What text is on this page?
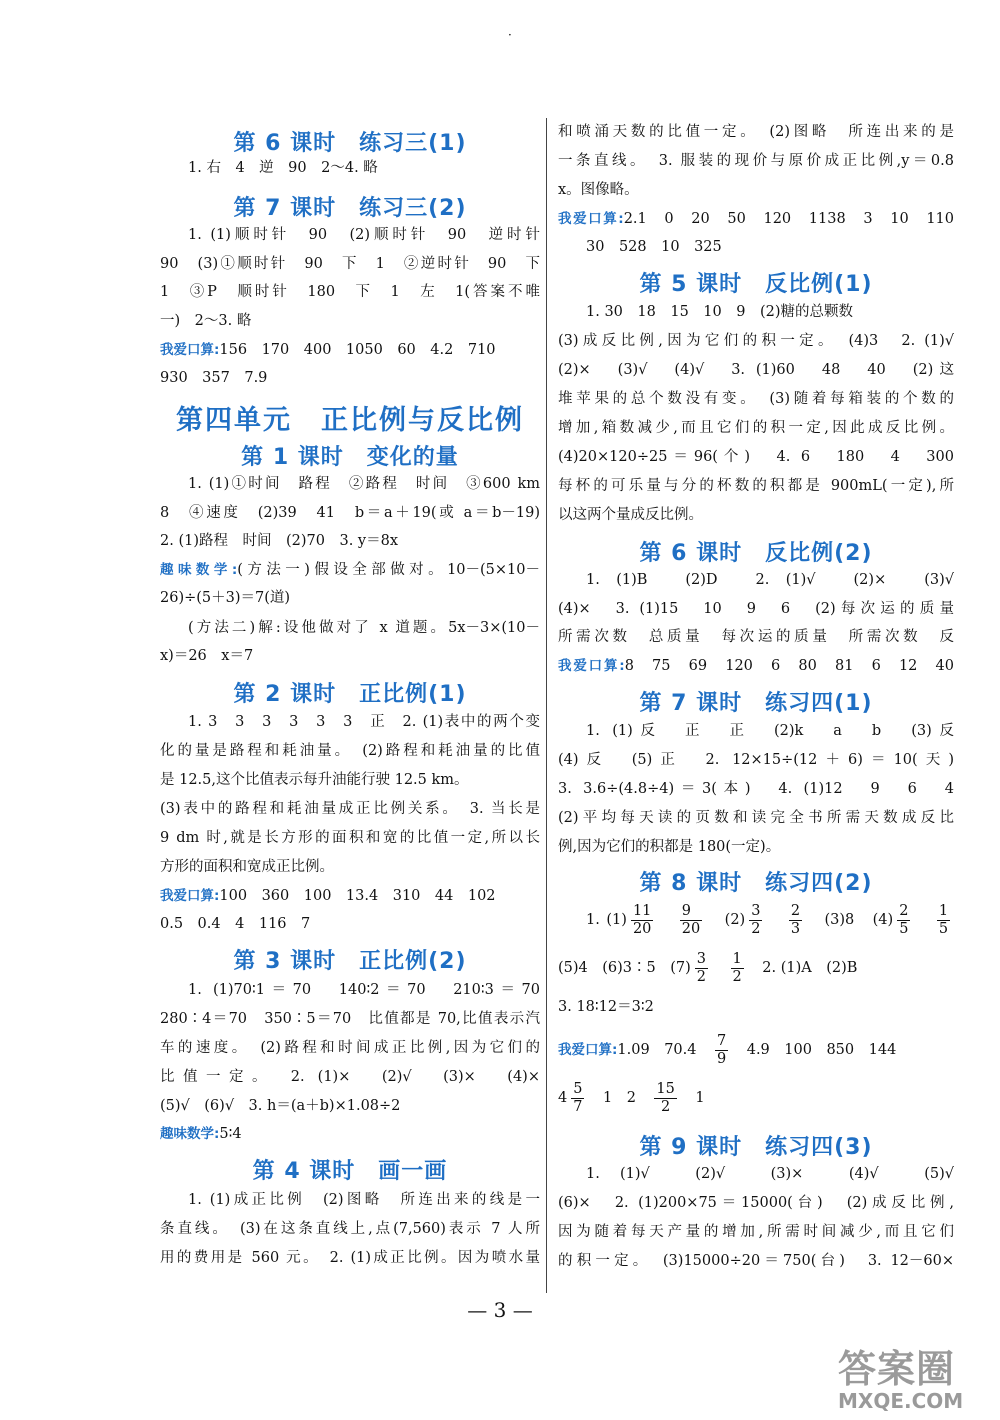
·
第 6 课时　练习三(1)
1. 右　4　逆　90　2～4. 略
第 7 课时　练习三(2)
1. (1)顺时针　90　(2)顺时针　90　逆时针
90　(3)①顺时针　90　下　1　②逆时针　90　下
1　③P　顺时针　180　下　1　左　1(答案不唯
一)　2～3. 略
我爱口算:156　170　400　1050　60　4.2　710
930　357　7.9
第四单元　正比例与反比例
第 1 课时　变化的量
1. (1)①时间　路程　②路程　时间　③600 km
8　④速度　(2)39　41　b＝a＋19(或 a＝b－19)
2. (1)路程　时间　(2)70　3. y＝8x
趣味数学:(方法一)假设全部做对。10－(5×10－
26)÷(5＋3)＝7(道)
(方法二)解:设他做对了 x 道题。5x－3×(10－
x)＝26　x＝7
第 2 课时　正比例(1)
1. 3　3　3　3　3　3　正　2. (1)表中的两个变
化的量是路程和耗油量。　(2)路程和耗油量的比值
是 12.5,这个比值表示每升油能行驶 12.5 km。
(3)表中的路程和耗油量成正比例关系。　3. 当长是
9 dm 时,就是长方形的面积和宽的比值一定,所以长
方形的面积和宽成正比例。
我爱口算:100　360　100　13.4　310　44　102
0.5　0.4　4　116　7
第 3 课时　正比例(2)
1. (1)70∶1＝70　140∶2＝70　210∶3＝70
280∶4＝70　350∶5＝70　比值都是 70,比值表示汽
车的速度。　(2)路程和时间成正比例,因为它们的
比值一定。　2. (1)×　(2)√　(3)×　(4)×
(5)√　(6)√　3. h＝(a＋b)×1.08÷2
趣味数学:5∶4
第 4 课时　画一画
1. (1)成正比例　(2)图略　所连出来的线是一
条直线。　(3)在这条直线上,点(7,560)表示 7 人所
用的费用是 560 元。　2. (1)成正比例。因为喷水量
和喷涌天数的比值一定。　(2)图略　所连出来的是
一条直线。　3. 服装的现价与原价成正比例,y＝0.8
x。图像略。
我爱口算:2.1　0　20　50　120　1138　3　10　110
30　528　10　325
第 5 课时　反比例(1)
1. 30　18　15　10　9　(2)糖的总颗数
(3)成反比例,因为它们的积一定。　(4)3　2. (1)√
(2)×　(3)√　(4)√　3. (1)60　48　40　(2)这
堆苹果的总个数没有变。　(3)随着每箱装的个数的
增加,箱数减少,而且它们的积一定,因此成反比例。
(4)20×120÷25＝96(个)　4. 6　180　4　300
每杯的可乐量与分的杯数的积都是 900mL(一定),所
以这两个量成反比例。
第 6 课时　反比例(2)
1. (1)B　(2)D　2. (1)√　(2)×　(3)√
(4)×　3. (1)15　10　9　6　(2)每次运的质量
所需次数　总质量　每次运的质量　所需次数　反
我爱口算:8　75　69　120　6　80　81　6　12　40
第 7 课时　练习四(1)
1. (1)反　正　正　(2)k　a　b　(3)反
(4)反　(5)正　2. 12×15÷(12＋6)＝10(天)
3. 3.6÷(4.8÷4)＝3(本)　4. (1)12　9　6　4
(2)平均每天读的页数和读完全书所需天数成反比
例,因为它们的积都是 180(一定)。
第 8 课时　练习四(2)
1. $(1) \frac{11}{20}$
　 $\frac{9}{20}$
　 $(2) \frac{3}{2}$
　 $\frac{2}{3}$
　 (3)8　$(4) \frac{2}{5}$
　 $\frac{1}{5}$
(5)4　(6)3∶5　$(7) \frac{3}{2}$
　 $\frac{1}{2}$
　 2. (1)A　(2)B
3. 18∶12＝3∶2
我爱口算:1.09　70.4　 $\frac{7}{9}$
　 4.9　100　850　144
$4 \frac{5}{7}$
　 1　2　 $\frac{15}{2}$
　 1
第 9 课时　练习四(3)
1. (1)√　(2)√　(3)×　(4)√　(5)√
(6)×　2. (1)200×75＝15000(台)　(2)成反比例,
因为随着每天产量的增加,所需时间减少,而且它们
的积一定。　(3)15000÷20＝750(台)　3. 12－60×
— 3 —
答案圈
MXQE.COM
